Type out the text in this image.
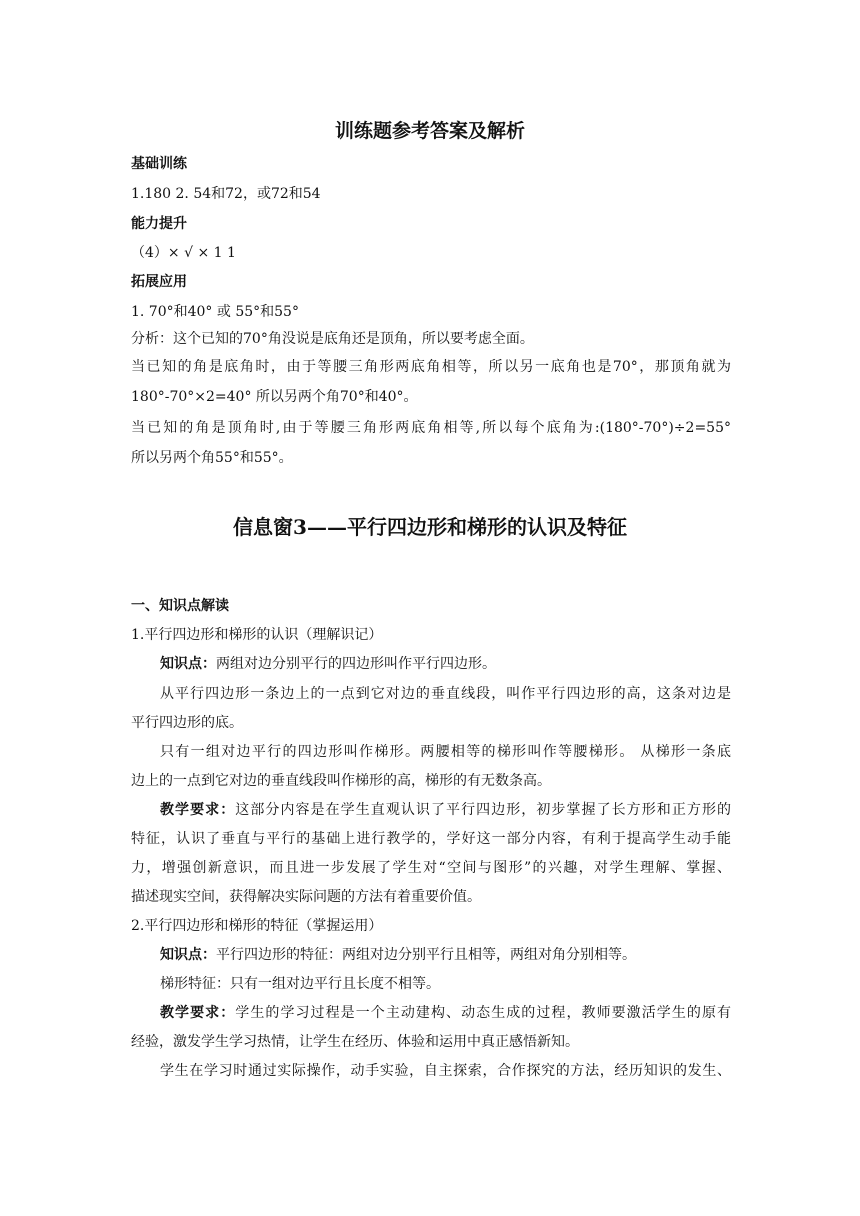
训练题参考答案及解析
基础训练
1.180 2. 54和72，或72和54
能力提升
（4）× √ × 1 1
拓展应用
1. 70°和40° 或 55°和55°
分析：这个已知的70°角没说是底角还是顶角，所以要考虑全面。
当已知的角是底角时，由于等腰三角形两底角相等，所以另一底角也是70°，那顶角就为
180°-70°×2=40° 所以另两个角70°和40°。
当已知的角是顶角时,由于等腰三角形两底角相等,所以每个底角为:(180°-70°)÷2=55°
所以另两个角55°和55°。
信息窗3——平行四边形和梯形的认识及特征
一、知识点解读
1.平行四边形和梯形的认识（理解识记）
知识点：两组对边分别平行的四边形叫作平行四边形。
从平行四边形一条边上的一点到它对边的垂直线段，叫作平行四边形的高，这条对边是
平行四边形的底。
只有一组对边平行的四边形叫作梯形。两腰相等的梯形叫作等腰梯形。 从梯形一条底
边上的一点到它对边的垂直线段叫作梯形的高，梯形的有无数条高。
教学要求：这部分内容是在学生直观认识了平行四边形，初步掌握了长方形和正方形的
特征，认识了垂直与平行的基础上进行教学的，学好这一部分内容，有利于提高学生动手能
力，增强创新意识，而且进一步发展了学生对“空间与图形”的兴趣，对学生理解、掌握、
描述现实空间，获得解决实际问题的方法有着重要价值。
2.平行四边形和梯形的特征（掌握运用）
知识点：平行四边形的特征：两组对边分别平行且相等，两组对角分别相等。
梯形特征：只有一组对边平行且长度不相等。
教学要求：学生的学习过程是一个主动建构、动态生成的过程，教师要激活学生的原有
经验，激发学生学习热情，让学生在经历、体验和运用中真正感悟新知。
学生在学习时通过实际操作，动手实验，自主探索，合作探究的方法，经历知识的发生、
